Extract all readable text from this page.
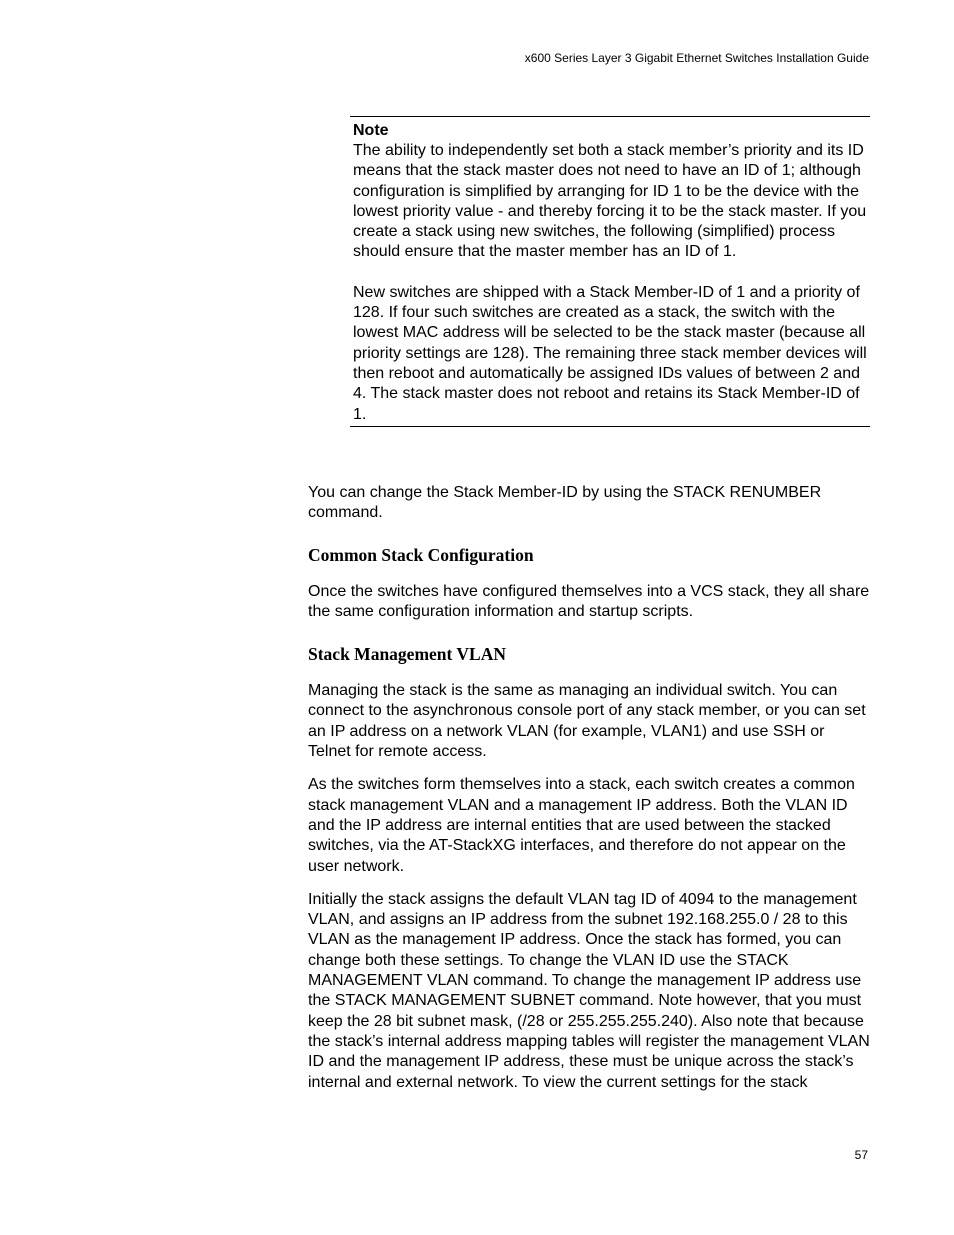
x600 Series Layer 3 Gigabit Ethernet Switches Installation Guide
Note

The ability to independently set both a stack member’s priority and its ID means that the stack master does not need to have an ID of 1; although configuration is simplified by arranging for ID 1 to be the device with the lowest priority value - and thereby forcing it to be the stack master. If you create a stack using new switches, the following (simplified) process should ensure that the master member has an ID of 1.

New switches are shipped with a Stack Member-ID of 1 and a priority of 128. If four such switches are created as a stack, the switch with the lowest MAC address will be selected to be the stack master (because all priority settings are 128). The remaining three stack member devices will then reboot and automatically be assigned IDs values of between 2 and 4. The stack master does not reboot and retains its Stack Member-ID of 1.

You can change the Stack Member-ID by using the STACK RENUMBER command.

Common Stack Configuration

Once the switches have configured themselves into a VCS stack, they all share the same configuration information and startup scripts.

Stack Management VLAN

Managing the stack is the same as managing an individual switch. You can connect to the asynchronous console port of any stack member, or you can set an IP address on a network VLAN (for example, VLAN1) and use SSH or Telnet for remote access.

As the switches form themselves into a stack, each switch creates a common stack management VLAN and a management IP address. Both the VLAN ID and the IP address are internal entities that are used between the stacked switches, via the AT-StackXG interfaces, and therefore do not appear on the user network.

Initially the stack assigns the default VLAN tag ID of 4094 to the management VLAN, and assigns an IP address from the subnet 192.168.255.0 / 28 to this VLAN as the management IP address. Once the stack has formed, you can change both these settings. To change the VLAN ID use the STACK MANAGEMENT VLAN command. To change the management IP address use the STACK MANAGEMENT SUBNET command. Note however, that you must keep the 28 bit subnet mask, (/28 or 255.255.255.240). Also note that because the stack’s internal address mapping tables will register the management VLAN ID and the management IP address, these must be unique across the stack’s internal and external network. To view the current settings for the stack

57
